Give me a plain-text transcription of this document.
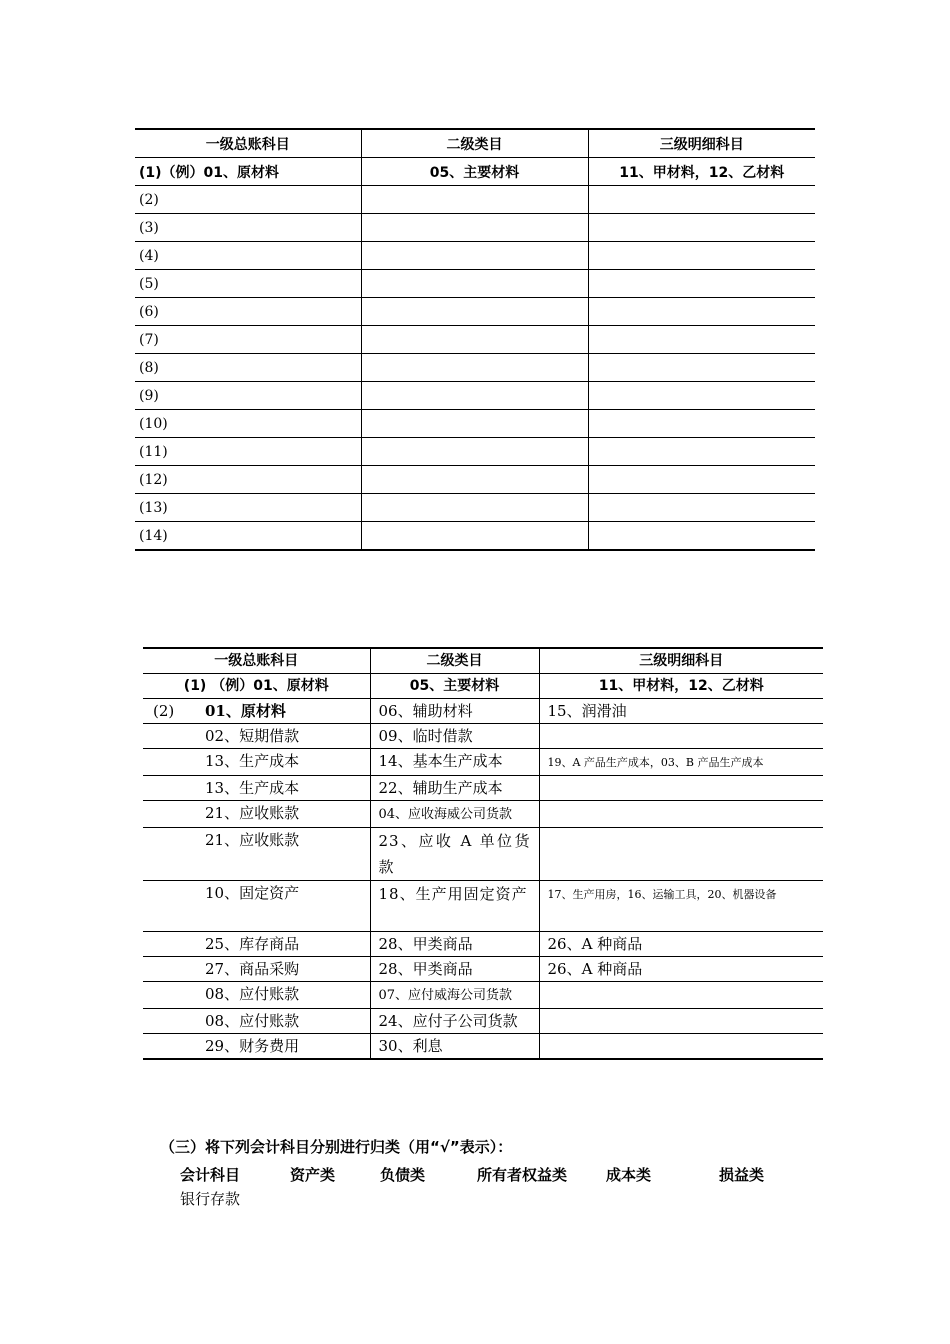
一级总账科目	二级类目	三级明细科目
(1)（例）01、原材料	05、主要材料	11、甲材料，12、乙材料
(2)		
(3)		
(4)		
(5)		
(6)		
(7)		
(8)		
(9)		
(10)		
(11)		
(12)		
(13)		
(14)		
一级总账科目	二级类目	三级明细科目
(1) （例）01、原材料	05、主要材料	11、甲材料，12、乙材料

(2) 01、原材料	06、辅助材料	15、润滑油
02、短期借款	09、临时借款	
13、生产成本	14、基本生产成本	19、A 产品生产成本，03、B 产品生产成本
13、生产成本	22、辅助生产成本	
21、应收账款	04、应收海威公司货款	
21、应收账款	23、应收 A 单位货款	
10、固定资产	18、生产用固定资产	17、生产用房，16、运输工具，20、机器设备
25、库存商品	28、甲类商品	26、A 种商品
27、商品采购	28、甲类商品	26、A 种商品
08、应付账款	07、应付威海公司货款	
08、应付账款	24、应付子公司货款	
29、财务费用	30、利息	
（三）将下列会计科目分别进行归类（用“√”表示）：
会计科目	资产类	负债类	所有者权益类	成本类	损益类
银行存款
